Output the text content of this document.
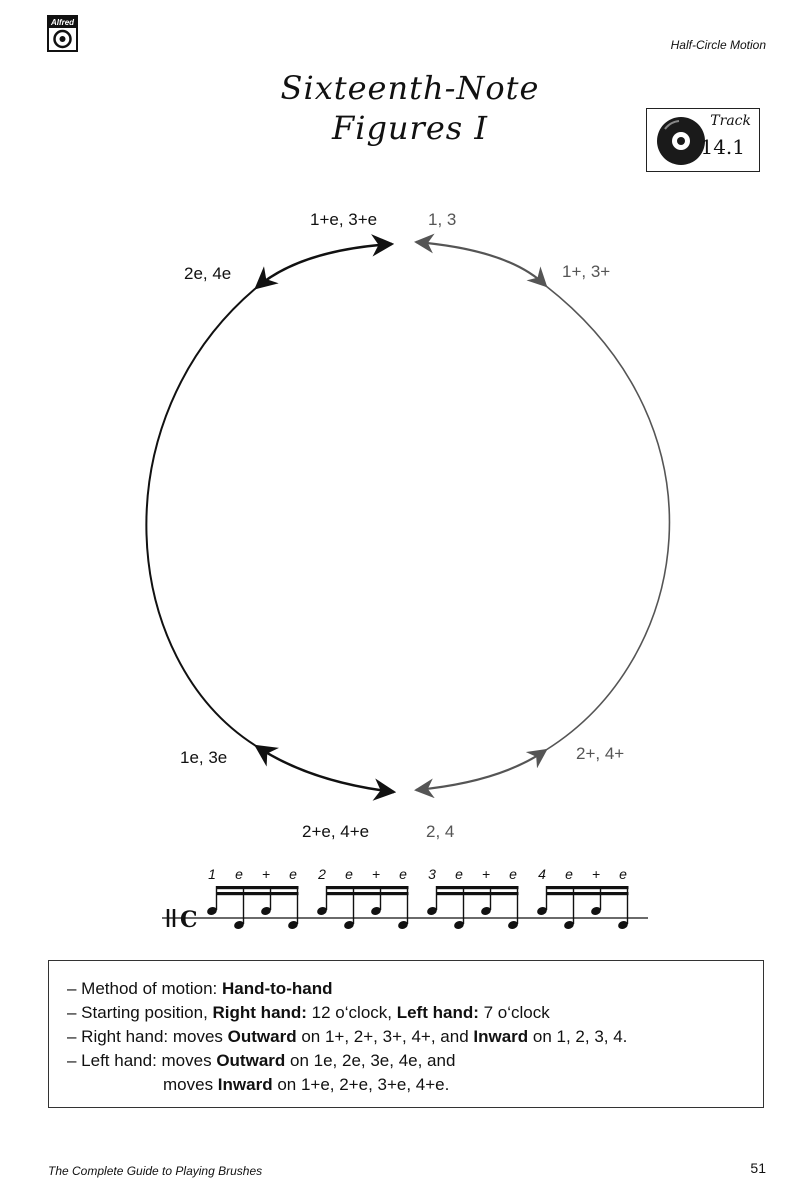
Alfred
Half-Circle Motion
Sixteenth-Note
Figures I	Track
14.1
1+e, 3+e	1, 3
2e, 4e	1+, 3+
1e, 3e	2+, 4+
2+e, 4+e	2, 4
1 e + e 2 e + e 3 e + e 4 e + e
C
– Method of motion: Hand-to-hand
– Starting position, Right hand: 12 o‘clock, Left hand: 7 o‘clock
– Right hand: moves Outward on 1+, 2+, 3+, 4+, and Inward on 1, 2, 3, 4.
– Left hand: moves Outward on 1e, 2e, 3e, 4e, and
moves Inward on 1+e, 2+e, 3+e, 4+e.
The Complete Guide to Playing Brushes	51
